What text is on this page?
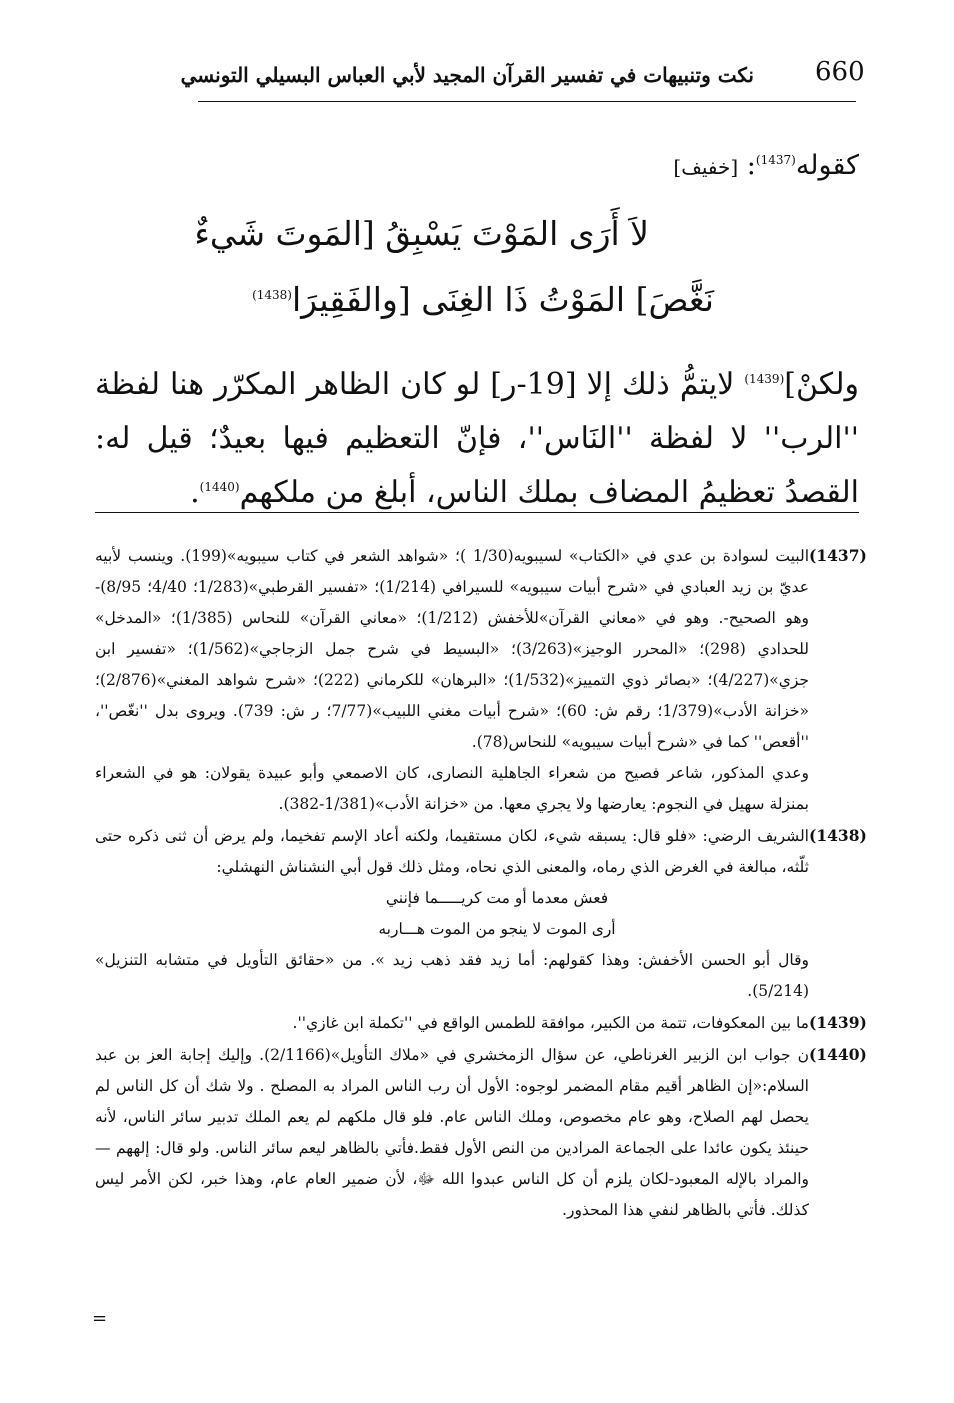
660
نكت وتنبيهات في تفسير القرآن المجيد لأبي العباس البسيلي التونسي
كقوله$^{(1437)}$: [خفيف]
لاَ أَرَى المَوْتَ يَسْبِقُ [المَوتَ شَيءٌ
نَغَّصَ] المَوْتُ ذَا الغِنَى [والفَقِيرَا$^{(1438)}$

ولكنْ]$^{(1439)}$ لايتمُّ ذلك إلا [19-ر] لو كان الظاهر المكرّر هنا لفظة ''الرب'' لا لفظة ''النَاس''، فإنّ التعظيم فيها بعيدٌ؛ قيل له: القصدُ تعظيمُ المضاف بملك الناس، أبلغ من ملكهم$^{(1440)}$.

(1437)البيت لسوادة بن عدي في «الكتاب» لسيبويه(1/30 )؛ «شواهد الشعر في كتاب سيبويه»(199). وينسب لأبيه عديّ بن زيد العبادي في «شرح أبيات سيبويه» للسيرافي (1/214)؛ «تفسير القرطبي»(1/283؛ 4/40؛ 8/95)-وهو الصحيح-. وهو في «معاني القرآن»للأخفش (1/212)؛ «معاني القرآن» للنحاس (1/385)؛ «المدخل» للحدادي (298)؛ «المحرر الوجيز»(3/263)؛ «البسيط في شرح جمل الزجاجي»(1/562)؛ «تفسير ابن جزي»(4/227)؛ «بصائر ذوي التمييز»(1/532)؛ «البرهان» للكرماني (222)؛ «شرح شواهد المغني»(2/876)؛ «خزانة الأدب»(1/379؛ رقم ش: 60)؛ «شرح أبيات مغني اللبيب»(7/77؛ ر ش: 739). ويروى بدل ''نغّص''، ''أقعص'' كما في «شرح أبيات سيبويه» للنحاس(78).

وعدي المذكور، شاعر فصيح من شعراء الجاهلية النصارى، كان الاصمعي وأبو عبيدة يقولان: هو في الشعراء بمنزلة سهيل في النجوم: يعارضها ولا يجري معها. من «خزانة الأدب»(1/381-382).

(1438)الشريف الرضي: «فلو قال: يسبقه شيء، لكان مستقيما، ولكنه أعاد الإسم تفخيما، ولم يرض أن ثنى ذكره حتى ثلّثه، مبالغة في الغرض الذي رماه، والمعنى الذي نحاه، ومثل ذلك قول أبي النشناش النهشلي:

فعش معدما أو مت كريـــــما فإنني

أرى الموت لا ينجو من الموت هـــاربه

وقال أبو الحسن الأخفش: وهذا كقولهم: أما زيد فقد ذهب زيد ». من «حقائق التأويل في متشابه التنزيل» (5/214).

(1439)ما بين المعكوفات، تتمة من الكبير، موافقة للطمس الواقع في ''تكملة ابن غازي''.

(1440)ن جواب ابن الزبير الغرناطي، عن سؤال الزمخشري في «ملاك التأويل»(2/1166). وإليك إجابة العز بن عبد السلام:«إن الظاهر أقيم مقام المضمر لوجوه: الأول أن رب الناس المراد به المصلح . ولا شك أن كل الناس لم يحصل لهم الصلاح، وهو عام مخصوص، وملك الناس عام. فلو قال ملكهم لم يعم الملك تدبير سائر الناس، لأنه حينئذ يكون عائدا على الجماعة المرادين من النص الأول فقط.فأتي بالظاهر ليعم سائر الناس. ولو قال: إلههم —والمراد بالإله المعبود-لكان يلزم أن كل الناس عبدوا الله ﷻ، لأن ضمير العام عام، وهذا خبر، لكن الأمر ليس كذلك. فأتي بالظاهر لنفي هذا المحذور.

=
